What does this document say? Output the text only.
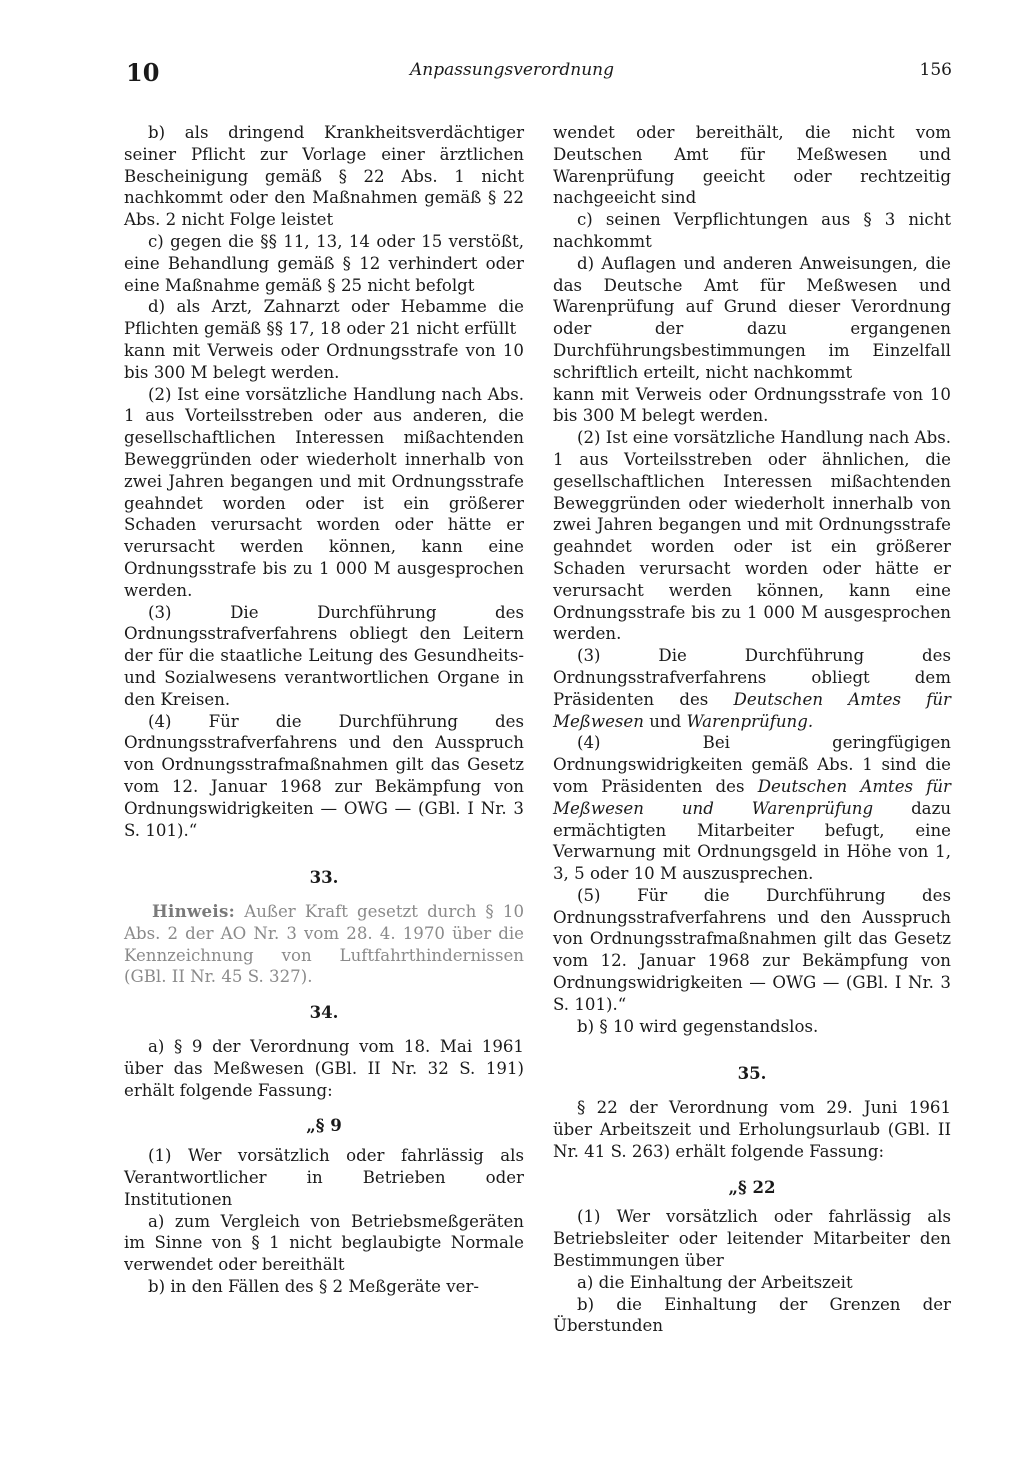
10	Anpassungsverordnung	156

b) als dringend Krankheitsverdächtiger seiner Pflicht zur Vorlage einer ärztlichen Bescheinigung gemäß § 22 Abs. 1 nicht nachkommt oder den Maßnahmen gemäß § 22 Abs. 2 nicht Folge leistet

c) gegen die §§ 11, 13, 14 oder 15 verstößt, eine Behandlung gemäß § 12 verhindert oder eine Maßnahme gemäß § 25 nicht befolgt

d) als Arzt, Zahnarzt oder Hebamme die Pflichten gemäß §§ 17, 18 oder 21 nicht erfüllt

kann mit Verweis oder Ordnungsstrafe von 10 bis 300 M belegt werden.

(2) Ist eine vorsätzliche Handlung nach Abs. 1 aus Vorteilsstreben oder aus anderen, die gesellschaftlichen Interessen mißachtenden Beweggründen oder wiederholt innerhalb von zwei Jahren begangen und mit Ordnungsstrafe geahndet worden oder ist ein größerer Schaden verursacht worden oder hätte er verursacht werden können, kann eine Ordnungsstrafe bis zu 1 000 M ausgesprochen werden.

(3) Die Durchführung des Ordnungsstrafverfahrens obliegt den Leitern der für die staatliche Leitung des Gesundheits- und Sozialwesens verantwortlichen Organe in den Kreisen.

(4) Für die Durchführung des Ordnungsstrafverfahrens und den Ausspruch von Ordnungsstrafmaßnahmen gilt das Gesetz vom 12. Januar 1968 zur Bekämpfung von Ordnungswidrigkeiten — OWG — (GBl. I Nr. 3 S. 101).“

33.

Hinweis: Außer Kraft gesetzt durch § 10 Abs. 2 der AO Nr. 3 vom 28. 4. 1970 über die Kennzeichnung von Luftfahrthindernissen (GBl. II Nr. 45 S. 327).

34.

a) § 9 der Verordnung vom 18. Mai 1961 über das Meßwesen (GBl. II Nr. 32 S. 191) erhält folgende Fassung:

„§ 9

(1) Wer vorsätzlich oder fahrlässig als Verantwortlicher in Betrieben oder Institutionen

a) zum Vergleich von Betriebsmeßgeräten im Sinne von § 1 nicht beglaubigte Normale verwendet oder bereithält

b) in den Fällen des § 2 Meßgeräte ver-

wendet oder bereithält, die nicht vom Deutschen Amt für Meßwesen und Warenprüfung geeicht oder rechtzeitig nachgeeicht sind

c) seinen Verpflichtungen aus § 3 nicht nachkommt

d) Auflagen und anderen Anweisungen, die das Deutsche Amt für Meßwesen und Warenprüfung auf Grund dieser Verordnung oder der dazu ergangenen Durchführungsbestimmungen im Einzelfall schriftlich erteilt, nicht nachkommt

kann mit Verweis oder Ordnungsstrafe von 10 bis 300 M belegt werden.

(2) Ist eine vorsätzliche Handlung nach Abs. 1 aus Vorteilsstreben oder ähnlichen, die gesellschaftlichen Interessen mißachtenden Beweggründen oder wiederholt innerhalb von zwei Jahren begangen und mit Ordnungsstrafe geahndet worden oder ist ein größerer Schaden verursacht worden oder hätte er verursacht werden können, kann eine Ordnungsstrafe bis zu 1 000 M ausgesprochen werden.

(3) Die Durchführung des Ordnungsstrafverfahrens obliegt dem Präsidenten des Deutschen Amtes für Meßwesen und Warenprüfung.

(4) Bei geringfügigen Ordnungswidrigkeiten gemäß Abs. 1 sind die vom Präsidenten des Deutschen Amtes für Meßwesen und Warenprüfung dazu ermächtigten Mitarbeiter befugt, eine Verwarnung mit Ordnungsgeld in Höhe von 1, 3, 5 oder 10 M auszusprechen.

(5) Für die Durchführung des Ordnungsstrafverfahrens und den Ausspruch von Ordnungsstrafmaßnahmen gilt das Gesetz vom 12. Januar 1968 zur Bekämpfung von Ordnungswidrigkeiten — OWG — (GBl. I Nr. 3 S. 101).“

b) § 10 wird gegenstandslos.

35.

§ 22 der Verordnung vom 29. Juni 1961 über Arbeitszeit und Erholungsurlaub (GBl. II Nr. 41 S. 263) erhält folgende Fassung:

„§ 22

(1) Wer vorsätzlich oder fahrlässig als Betriebsleiter oder leitender Mitarbeiter den Bestimmungen über

a) die Einhaltung der Arbeitszeit

b) die Einhaltung der Grenzen der Überstunden
